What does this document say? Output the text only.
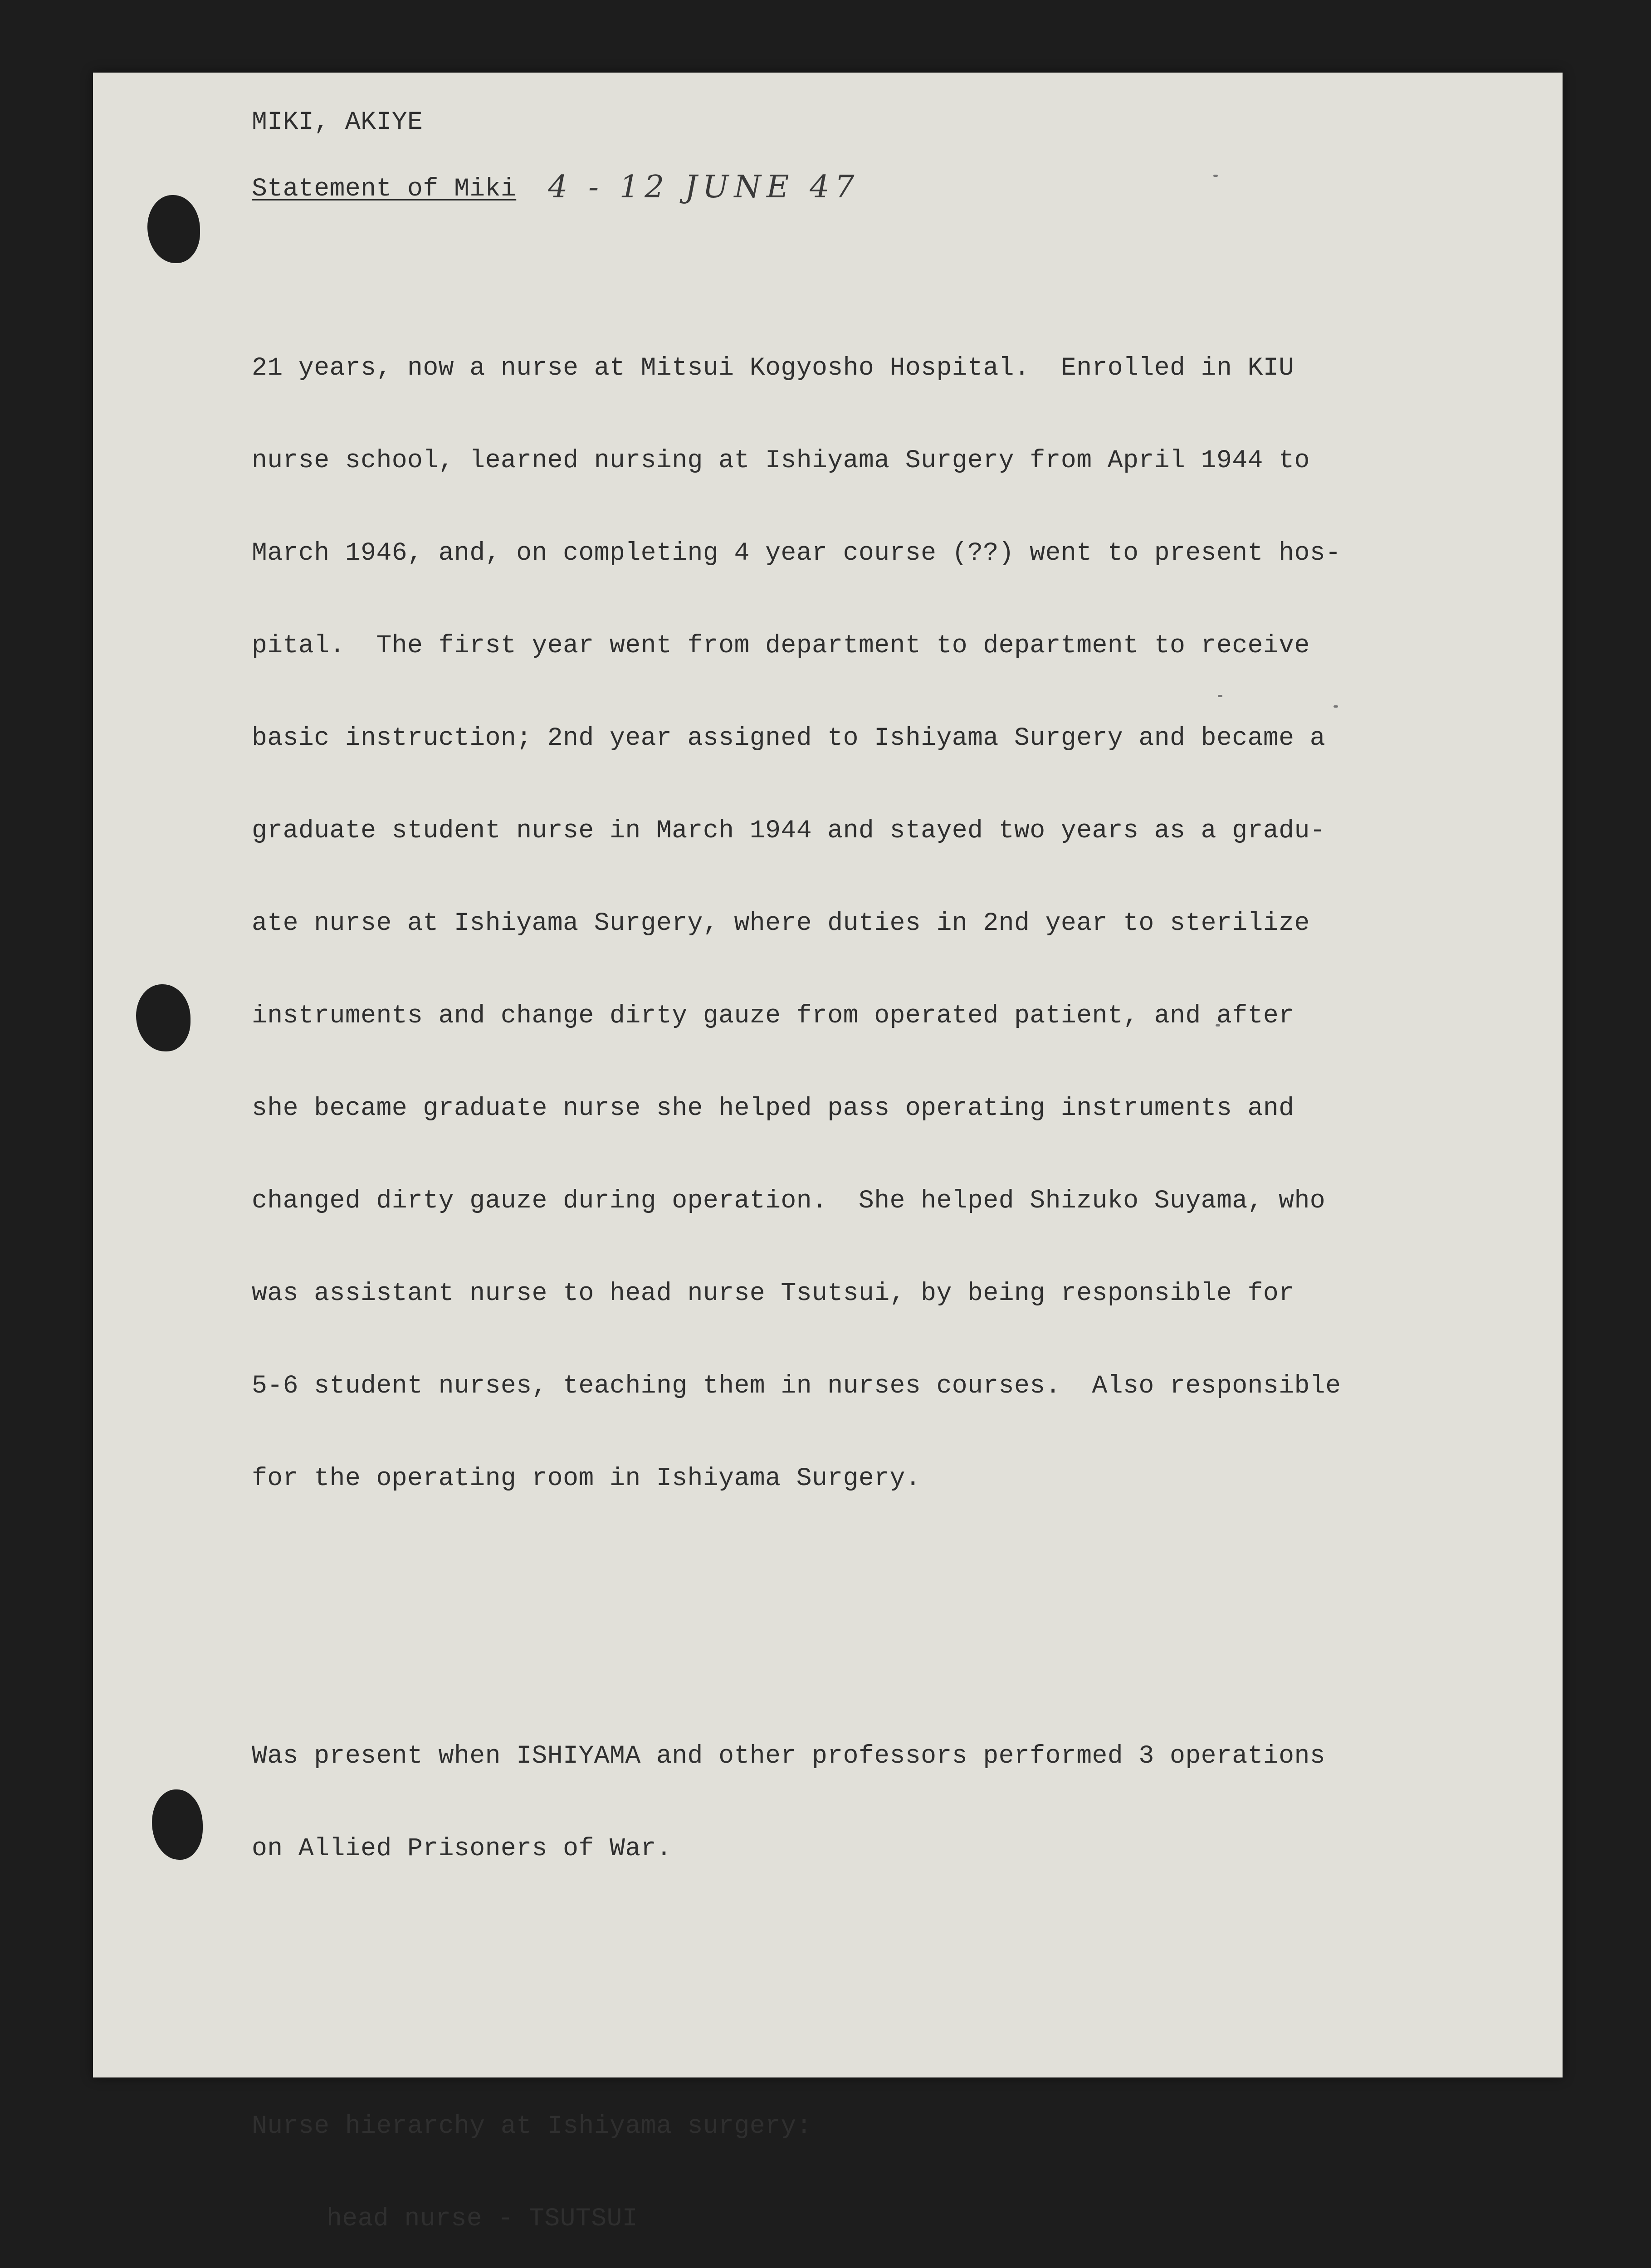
MIKI, AKIYE
Statement of Miki 4 - 12 JUNE 47

21 years, now a nurse at Mitsui Kogyosho Hospital.  Enrolled in KIU

nurse school, learned nursing at Ishiyama Surgery from April 1944 to

March 1946, and, on completing 4 year course (??) went to present hos-

pital.  The first year went from department to department to receive

basic instruction; 2nd year assigned to Ishiyama Surgery and became a

graduate student nurse in March 1944 and stayed two years as a gradu-

ate nurse at Ishiyama Surgery, where duties in 2nd year to sterilize

instruments and change dirty gauze from operated patient, and after

she became graduate nurse she helped pass operating instruments and

changed dirty gauze during operation.  She helped Shizuko Suyama, who

was assistant nurse to head nurse Tsutsui, by being responsible for

5-6 student nurses, teaching them in nurses courses.  Also responsible

for the operating room in Ishiyama Surgery.

Was present when ISHIYAMA and other professors performed 3 operations

on Allied Prisoners of War.

Nurse hierarchy at Ishiyama surgery:

head nurse - TSUTSUI
